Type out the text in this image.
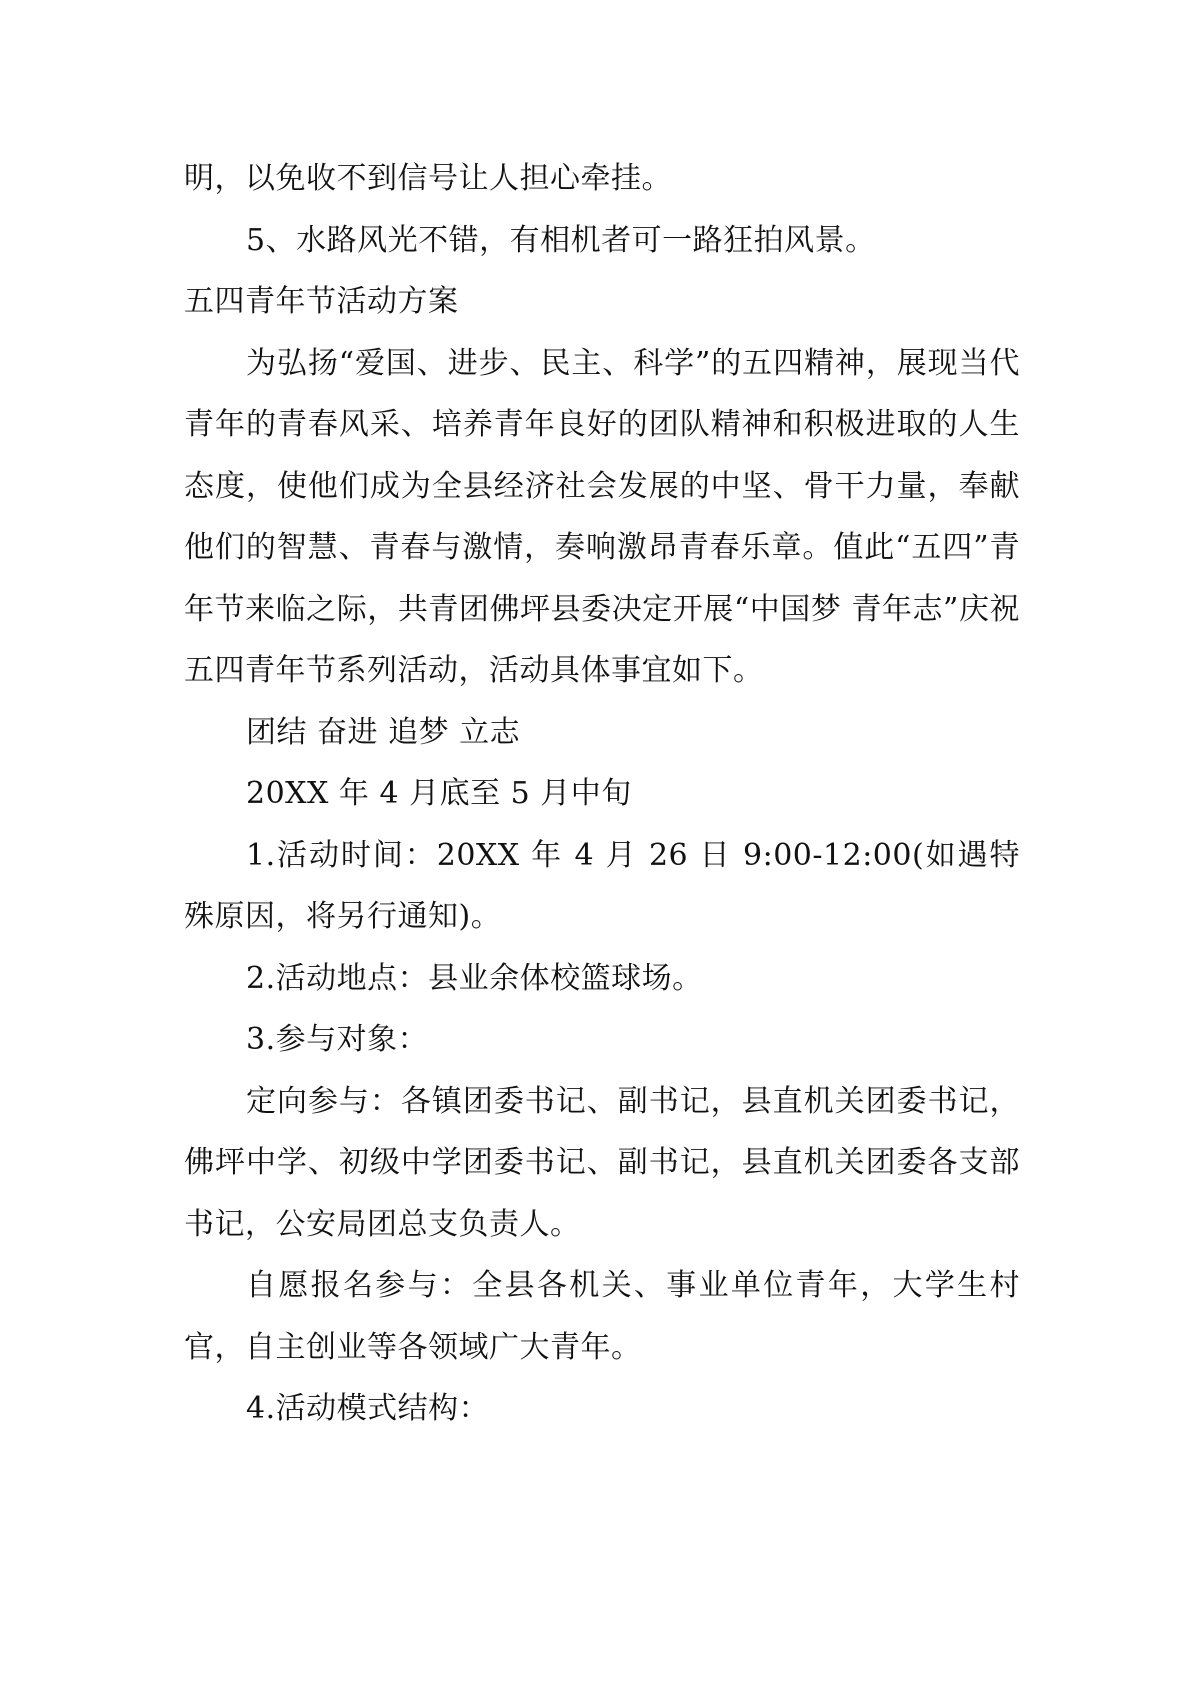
明，以免收不到信号让人担心牵挂。

5、水路风光不错，有相机者可一路狂拍风景。

五四青年节活动方案

为弘扬“爱国、进步、民主、科学”的五四精神，展现当代青年的青春风采、培养青年良好的团队精神和积极进取的人生态度，使他们成为全县经济社会发展的中坚、骨干力量，奉献他们的智慧、青春与激情，奏响激昂青春乐章。值此“五四”青年节来临之际，共青团佛坪县委决定开展“中国梦 青年志”庆祝五四青年节系列活动，活动具体事宜如下。

团结 奋进 追梦 立志

20XX 年 4 月底至 5 月中旬

1.活动时间：20XX 年 4 月 26 日 9:00-12:00(如遇特殊原因，将另行通知)。

2.活动地点：县业余体校篮球场。

3.参与对象：

定向参与：各镇团委书记、副书记，县直机关团委书记，佛坪中学、初级中学团委书记、副书记，县直机关团委各支部书记，公安局团总支负责人。

自愿报名参与：全县各机关、事业单位青年，大学生村官，自主创业等各领域广大青年。

4.活动模式结构：
